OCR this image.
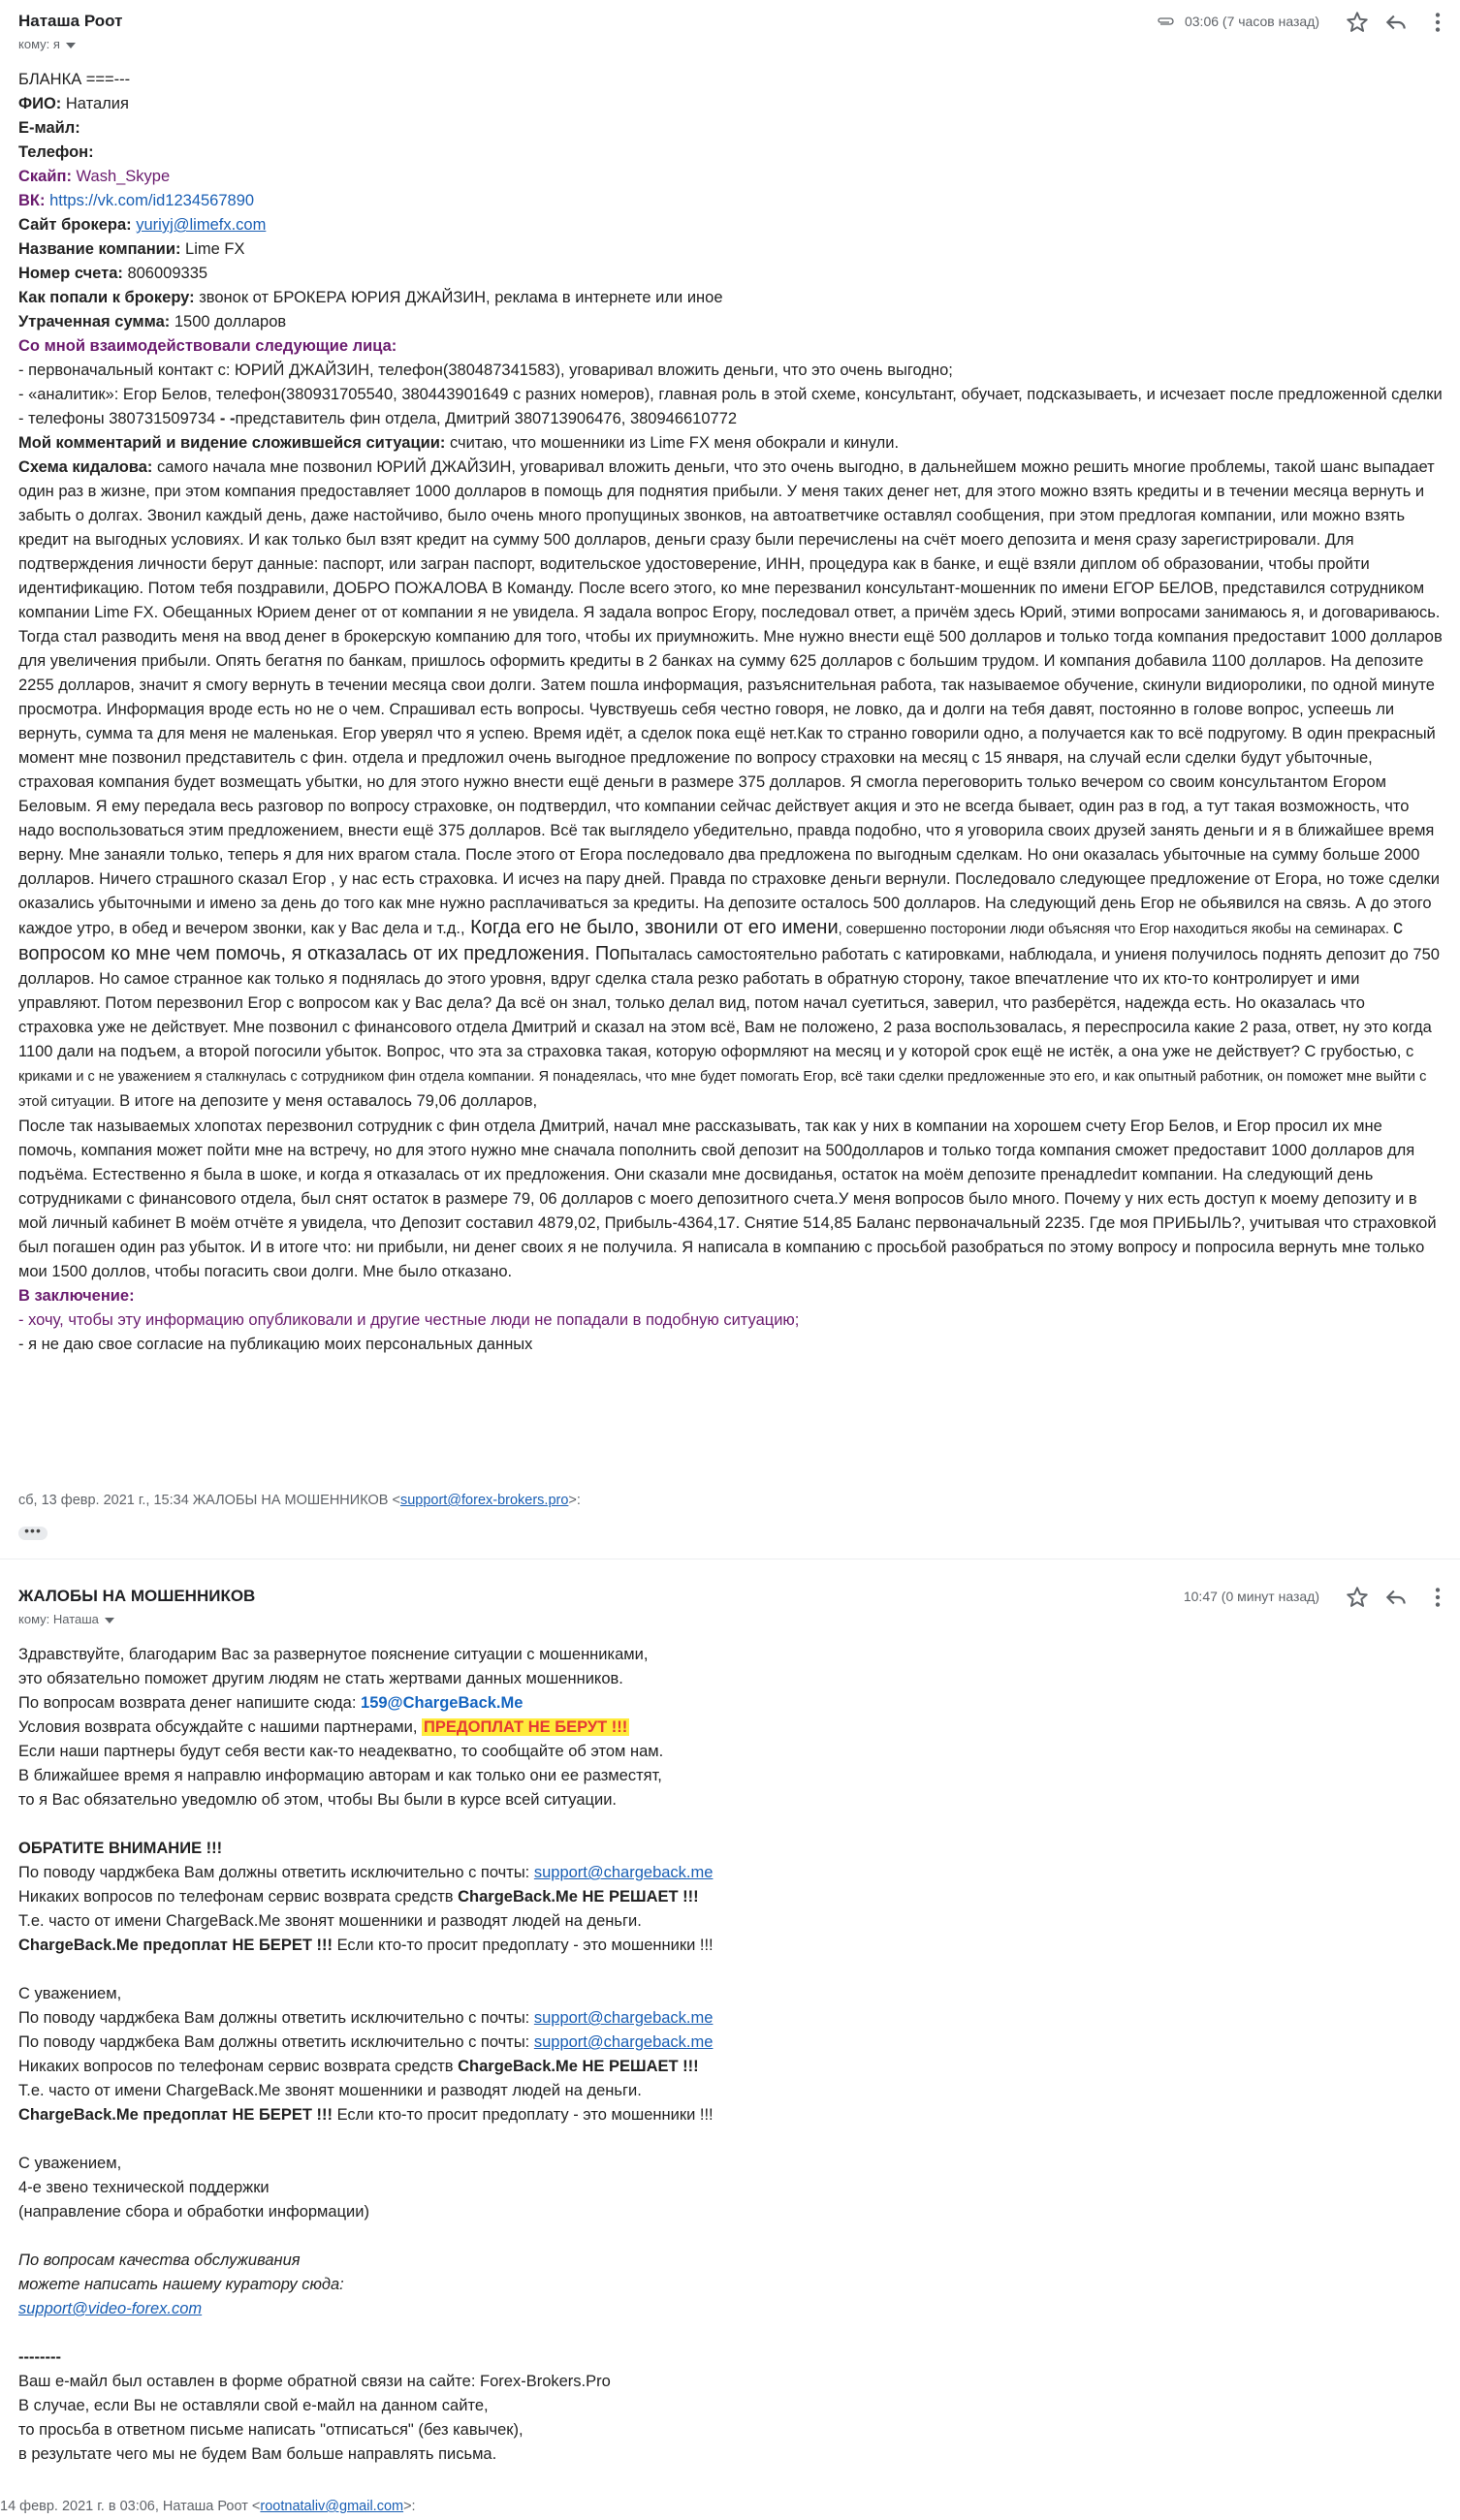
Наташа Роот
кому: я
03:06 (7 часов назад)

БЛАНКА ===---

ФИО: Наталия

Е-майл:

Телефон:

Скайп: Wash_Skype

ВК: https://vk.com/id1234567890

Сайт брокера: yuriyj@limefx.com

Название компании: Lime FX

Номер счета: 806009335

Как попали к брокеру: звонок от БРОКЕРА ЮРИЯ ДЖАЙЗИН, реклама в интернете или иное

Утраченная сумма: 1500 долларов

Со мной взаимодействовали следующие лица:

- первоначальный контакт с: ЮРИЙ ДЖАЙЗИН, телефон(380487341583), уговаривал вложить деньги, что это очень выгодно;

- «аналитик»: Егор Белов, телефон(380931705540, 380443901649 с разних номеров), главная роль в этой схеме, консультант, обучает, подсказываеть, и исчезает после предложенной сделки

- телефоны 380731509734 - -представитель фин отдела, Дмитрий 380713906476, 380946610772

Мой комментарий и видение сложившейся ситуации: считаю, что мошенники из Lime FX меня обокрали и кинули.

Схема кидалова: самого начала мне позвонил ЮРИЙ ДЖАЙЗИН, уговаривал вложить деньги, что это очень выгодно, в дальнейшем можно решить многие проблемы, такой шанс выпадает один раз в жизне, при этом компания предоставляет 1000 долларов в помощь для поднятия прибыли. У меня таких денег нет, для этого можно взять кредиты и в течении месяца вернуть и забыть о долгах. Звонил каждый день, даже настойчиво, было очень много пропущиных звонков, на автоатветчике оставлял сообщения, при этом предлогая компании, или можно взять кредит на выгодных условиях. И как только был взят кредит на сумму 500 долларов, деньги сразу были перечислены на счёт моего депозита и меня сразу зарегистрировали. Для подтверждения личности берут данные: паспорт, или загран паспорт, водительское удостоверение, ИНН, процедура как в банке, и ещё взяли диплом об образовании, чтобы пройти идентификацию. Потом тебя поздравили, ДОБРО ПОЖАЛОВА В Команду. После всего этого, ко мне перезванил консультант-мошенник по имени ЕГОР БЕЛОВ, представился сотрудником компании Lime FX. Обещанных Юрием денег от от компании я не увидела. Я задала вопрос Егору, последовал ответ, а причём здесь Юрий, этими вопросами занимаюсь я, и договариваюсь. Тогда стал разводить меня на ввод денег в брокерскую компанию для того, чтобы их приумножить. Мне нужно внести ещё 500 долларов и только тогда компания предоставит 1000 долларов для увеличения прибыли. Опять бегатня по банкам, пришлось оформить кредиты в 2 банках на сумму 625 долларов с большим трудом. И компания добавила 1100 долларов. На депозите 2255 долларов, значит я смогу вернуть в течении месяца свои долги. Затем пошла информация, разъяснительная работа, так называемое обучение, скинули видиоролики, по одной минуте просмотра. Информация вроде есть но не о чем. Спрашивал есть вопросы. Чувствуешь себя честно говоря, не ловко, да и долги на тебя давят, постоянно в голове вопрос, успеешь ли вернуть, сумма та для меня не маленькая. Егор уверял что я успею. Время идёт, а сделок пока ещё нет.Как то странно говорили одно, а получается как то всё подругому. В один прекрасный момент мне позвонил представитель с фин. отдела и предложил очень выгодное предложение по вопросу страховки на месяц с 15 января, на случай если сделки будут убыточные, страховая компания будет возмещать убытки, но для этого нужно внести ещё деньги в размере 375 долларов. Я смогла переговорить только вечером со своим консультантом Егором Беловым. Я ему передала весь разговор по вопросу страховке, он подтвердил, что компании сейчас действует акция и это не всегда бывает, один раз в год, а тут такая возможность, что надо воспользоваться этим предложением, внести ещё 375 долларов. Всё так выглядело убедительно, правда подобно, что я уговорила своих друзей занять деньги и я в ближайшее время верну. Мне занаяли только, теперь я для них врагом стала. После этого от Егора последовало два предложена по выгодным сделкам. Но они оказалась убыточные на сумму больше 2000 долларов. Ничего страшного сказал Егор , у нас есть страховка. И исчез на пару дней. Правда по страховке деньги вернули. Последовало следующее предложение от Егора, но тоже сделки оказались убыточными и имено за день до того как мне нужно расплачиваться за кредиты. На депозите осталось 500 долларов. На следующий день Егор не обьявился на связь. А до этого каждое утро, в обед и вечером звонки, как у Вас дела и т.д., Когда его не было, звонили от его имени, совершенно посторонии люди объясняя что Егор находиться якобы на семинарах. с вопросом ко мне чем помочь, я отказалась от их предложения. Попыталась самостоятельно работать с катировками, наблюдала, и униеня получилось поднять депозит до 750 долларов. Но самое странное как только я поднялась до этого уровня, вдруг сделка стала резко работать в обратную сторону, такое впечатление что их кто-то контролирует и ими управляют. Потом перезвонил Егор с вопросом как у Вас дела? Да всё он знал, только делал вид, потом начал суетиться, заверил, что разберётся, надежда есть. Но оказалась что страховка уже не действует. Мне позвонил с финансового отдела Дмитрий и сказал на этом всё, Вам не положено, 2 раза воспользовалась, я переспросила какие 2 раза, ответ, ну это когда 1100 дали на подъем, а второй погосили убыток. Вопрос, что эта за страховка такая, которую оформляют на месяц и у которой срок ещё не истёк, а она уже не действует? С грубостью, с

криками и с не уважением я сталкнулась с сотрудником фин отдела компании. Я понадеялась, что мне будет помогать Егор, всё таки сделки предложенные это его, и как опытный работник, он поможет мне выйти с этой ситуации. В итоге на депозите у меня оставалось 79,06 долларов,

После так называемых хлопотах перезвонил сотрудник с фин отдела Дмитрий, начал мне рассказывать, так как у них в компании на хорошем счету Егор Белов, и Егор просил их мне помочь, компания может пойти мне на встречу, но для этого нужно мне сначала пополнить свой депозит на 500долларов и только тогда компания сможет предоставит 1000 долларов для подъёма. Естественно я была в шоке, и когда я отказалась от их предложения. Они сказали мне досвиданья, остаток на моём депозите пренадлеdит компании. На следующий день сотрудниками с финансового отдела, был снят остаток в размере 79, 06 долларов с моего депозитного счета.У меня вопросов было много. Почему у них есть доступ к моему депозиту и в мой личный кабинет В моём отчёте я увидела, что Депозит составил 4879,02, Прибыль-4364,17. Снятие 514,85 Баланс первоначальный 2235. Где моя ПРИБЫЛЬ?, учитывая что страховкой был погашен один раз убыток. И в итоге что: ни прибыли, ни денег своих я не получила. Я написала в компанию с просьбой разобраться по этому вопросу и попросила вернуть мне только мои 1500 доллов, чтобы погасить свои долги. Мне было отказано.

В заключение:

- хочу, чтобы эту информацию опубликовали и другие честные люди не попадали в подобную ситуацию;

- я не даю свое согласие на публикацию моих персональных данных

сб, 13 февр. 2021 г., 15:34 ЖАЛОБЫ НА МОШЕННИКОВ <support@forex-brokers.pro>:
•••
ЖАЛОБЫ НА МОШЕННИКОВ
кому: Наташа
10:47 (0 минут назад)

Здравствуйте, благодарим Вас за развернутое пояснение ситуации с мошенниками,

это обязательно поможет другим людям не стать жертвами данных мошенников.

По вопросам возврата денег напишите сюда: 159@ChargeBack.Me

Условия возврата обсуждайте с нашими партнерами, ПРЕДОПЛАТ НЕ БЕРУТ !!!

Если наши партнеры будут себя вести как-то неадекватно, то сообщайте об этом нам.

В ближайшее время я направлю информацию авторам и как только они ее разместят,

то я Вас обязательно уведомлю об этом, чтобы Вы были в курсе всей ситуации.

ОБРАТИТЕ ВНИМАНИЕ !!!

По поводу чарджбека Вам должны ответить исключительно с почты: support@chargeback.me

Никаких вопросов по телефонам сервис возврата средств ChargeBack.Me НЕ РЕШАЕТ !!!

Т.е. часто от имени ChargeBack.Me звонят мошенники и разводят людей на деньги.

ChargeBack.Me предоплат НЕ БЕРЕТ !!! Если кто-то просит предоплату - это мошенники !!!

С уважением,

По поводу чарджбека Вам должны ответить исключительно с почты: support@chargeback.me

По поводу чарджбека Вам должны ответить исключительно с почты: support@chargeback.me

Никаких вопросов по телефонам сервис возврата средств ChargeBack.Me НЕ РЕШАЕТ !!!

Т.е. часто от имени ChargeBack.Me звонят мошенники и разводят людей на деньги.

ChargeBack.Me предоплат НЕ БЕРЕТ !!! Если кто-то просит предоплату - это мошенники !!!

С уважением,

4-е звено технической поддержки

(направление сбора и обработки информации)

По вопросам качества обслуживания

можете написать нашему куратору сюда:

support@video-forex.com

--------

Ваш е-майл был оставлен в форме обратной связи на сайте: Forex-Brokers.Pro

В случае, если Вы не оставляли свой е-майл на данном сайте,

то просьба в ответном письме написать "отписаться" (без кавычек),

в результате чего мы не будем Вам больше направлять письма.

14 февр. 2021 г. в 03:06, Наташа Роот <rootnataliv@gmail.com>:
